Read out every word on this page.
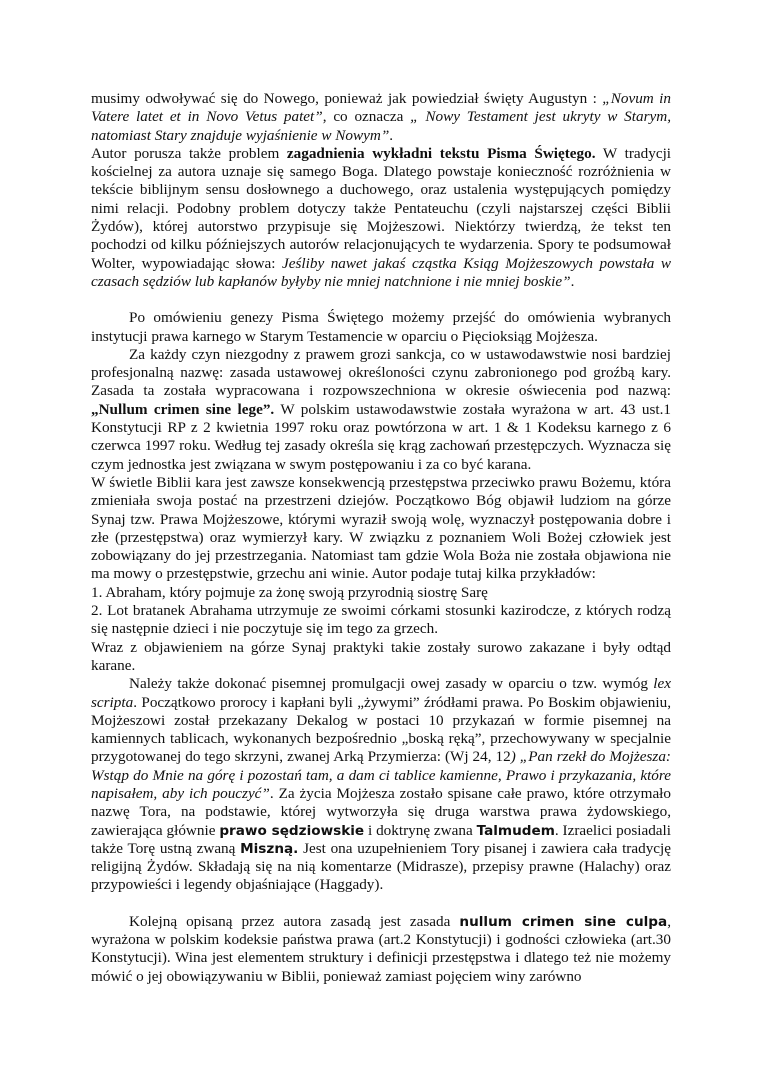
musimy odwoływać się do Nowego, ponieważ jak powiedział święty Augustyn : „Novum in Vatere latet et in Novo Vetus patet”, co oznacza „ Nowy Testament jest ukryty w Starym, natomiast Stary znajduje wyjaśnienie w Nowym”.

Autor porusza także problem zagadnienia wykładni tekstu Pisma Świętego. W tradycji kościelnej za autora uznaje się samego Boga. Dlatego powstaje konieczność rozróżnienia w tekście biblijnym sensu dosłownego a duchowego, oraz ustalenia występujących pomiędzy nimi relacji. Podobny problem dotyczy także Pentateuchu (czyli najstarszej części Biblii Żydów), której autorstwo przypisuje się Mojżeszowi. Niektórzy twierdzą, że tekst ten pochodzi od kilku późniejszych autorów relacjonujących te wydarzenia. Spory te podsumował Wolter, wypowiadając słowa: Jeśliby nawet jakaś cząstka Ksiąg Mojżeszowych powstała w czasach sędziów lub kapłanów byłyby nie mniej natchnione i nie mniej boskie”.

Po omówieniu genezy Pisma Świętego możemy przejść do omówienia wybranych instytucji prawa karnego w Starym Testamencie w oparciu o Pięcioksiąg Mojżesza.

Za każdy czyn niezgodny z prawem grozi sankcja, co w ustawodawstwie nosi bardziej profesjonalną nazwę: zasada ustawowej określoności czynu zabronionego pod groźbą kary. Zasada ta została wypracowana i rozpowszechniona w okresie oświecenia pod nazwą: „Nullum crimen sine lege”. W polskim ustawodawstwie została wyrażona w art. 43 ust.1 Konstytucji RP z 2 kwietnia 1997 roku oraz powtórzona w art. 1 & 1 Kodeksu karnego z 6 czerwca 1997 roku. Według tej zasady określa się krąg zachowań przestępczych. Wyznacza się czym jednostka jest związana w swym postępowaniu i za co być karana.

W świetle Biblii kara jest zawsze konsekwencją przestępstwa przeciwko prawu Bożemu, która zmieniała swoja postać na przestrzeni dziejów. Początkowo Bóg objawił ludziom na górze Synaj tzw. Prawa Mojżeszowe, którymi wyraził swoją wolę, wyznaczył postępowania dobre i złe (przestępstwa) oraz wymierzył kary. W związku z poznaniem Woli Bożej człowiek jest zobowiązany do jej przestrzegania. Natomiast tam gdzie Wola Boża nie została objawiona nie ma mowy o przestępstwie, grzechu ani winie. Autor podaje tutaj kilka przykładów:

1. Abraham, który pojmuje za żonę swoją przyrodnią siostrę Sarę

2. Lot bratanek Abrahama utrzymuje ze swoimi córkami stosunki kazirodcze, z których rodzą się następnie dzieci i nie poczytuje się im tego za grzech.

Wraz z objawieniem na górze Synaj praktyki takie zostały surowo zakazane i były odtąd karane.

Należy także dokonać pisemnej promulgacji owej zasady w oparciu o tzw. wymóg lex scripta. Początkowo prorocy i kapłani byli „żywymi” źródłami prawa. Po Boskim objawieniu, Mojżeszowi został przekazany Dekalog w postaci 10 przykazań w formie pisemnej na kamiennych tablicach, wykonanych bezpośrednio „boską ręką”, przechowywany w specjalnie przygotowanej do tego skrzyni, zwanej Arką Przymierza: (Wj 24, 12) „Pan rzekł do Mojżesza: Wstąp do Mnie na górę i pozostań tam, a dam ci tablice kamienne, Prawo i przykazania, które napisałem, aby ich pouczyć”. Za życia Mojżesza zostało spisane całe prawo, które otrzymało nazwę Tora, na podstawie, której wytworzyła się druga warstwa prawa żydowskiego, zawierająca głównie prawo sędziowskie i doktrynę zwana Talmudem. Izraelici posiadali także Torę ustną zwaną Miszną. Jest ona uzupełnieniem Tory pisanej i zawiera cała tradycję religijną Żydów. Składają się na nią komentarze (Midrasze), przepisy prawne (Halachy) oraz przypowieści i legendy objaśniające (Haggady).

Kolejną opisaną przez autora zasadą jest zasada nullum crimen sine culpa, wyrażona w polskim kodeksie państwa prawa (art.2 Konstytucji) i godności człowieka (art.30 Konstytucji). Wina jest elementem struktury i definicji przestępstwa i dlatego też nie możemy mówić o jej obowiązywaniu w Biblii, ponieważ zamiast pojęciem winy zarówno
